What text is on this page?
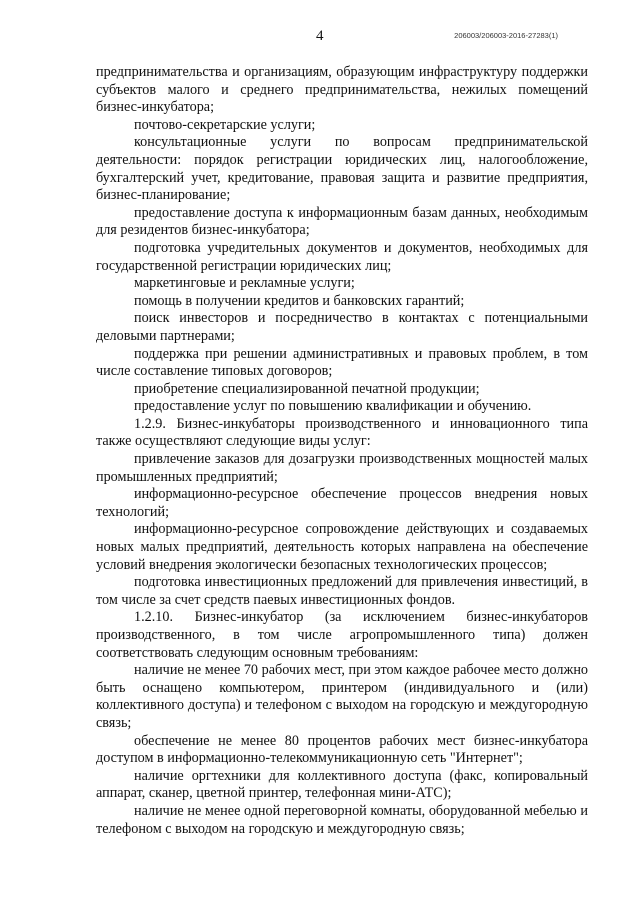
4	206003/206003-2016-27283(1)

предпринимательства и организациям, образующим инфраструктуру поддержки субъектов малого и среднего предпринимательства, нежилых помещений бизнес-инкубатора;

почтово-секретарские услуги;

консультационные услуги по вопросам предпринимательской деятельности: порядок регистрации юридических лиц, налогообложение, бухгалтерский учет, кредитование, правовая защита и развитие предприятия, бизнес-планирование;

предоставление доступа к информационным базам данных, необходимым для резидентов бизнес-инкубатора;

подготовка учредительных документов и документов, необходимых для государственной регистрации юридических лиц;

маркетинговые и рекламные услуги;

помощь в получении кредитов и банковских гарантий;

поиск инвесторов и посредничество в контактах с потенциальными деловыми партнерами;

поддержка при решении административных и правовых проблем, в том числе составление типовых договоров;

приобретение специализированной печатной продукции;

предоставление услуг по повышению квалификации и обучению.

1.2.9. Бизнес-инкубаторы производственного и инновационного типа также осуществляют следующие виды услуг:

привлечение заказов для дозагрузки производственных мощностей малых промышленных предприятий;

информационно-ресурсное обеспечение процессов внедрения новых технологий;

информационно-ресурсное сопровождение действующих и создаваемых новых малых предприятий, деятельность которых направлена на обеспечение условий внедрения экологически безопасных технологических процессов;

подготовка инвестиционных предложений для привлечения инвестиций, в том числе за счет средств паевых инвестиционных фондов.

1.2.10. Бизнес-инкубатор (за исключением бизнес-инкубаторов производственного, в том числе агропромышленного типа) должен соответствовать следующим основным требованиям:

наличие не менее 70 рабочих мест, при этом каждое рабочее место должно быть оснащено компьютером, принтером (индивидуального и (или) коллективного доступа) и телефоном с выходом на городскую и междугородную связь;

обеспечение не менее 80 процентов рабочих мест бизнес-инкубатора доступом в информационно-телекоммуникационную сеть "Интернет";

наличие оргтехники для коллективного доступа (факс, копировальный аппарат, сканер, цветной принтер, телефонная мини-АТС);

наличие не менее одной переговорной комнаты, оборудованной мебелью и телефоном с выходом на городскую и междугородную связь;
